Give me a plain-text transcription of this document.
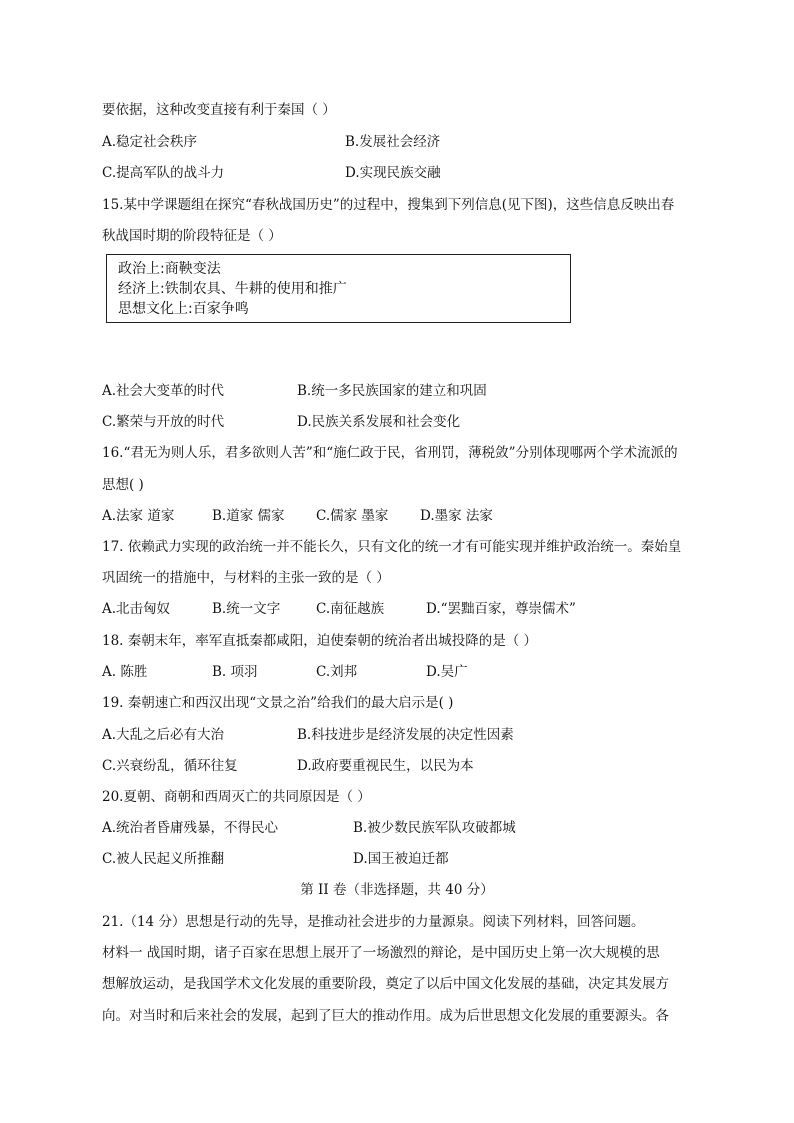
要依据，这种改变直接有利于秦国（ ）
A.稳定社会秩序	B.发展社会经济
C.提高军队的战斗力	D.实现民族交融
15.某中学课题组在探究“春秋战国历史”的过程中，搜集到下列信息(见下图)，这些信息反映出春
秋战国时期的阶段特征是（ ）
政治上:商鞅变法
经济上:铁制农具、牛耕的使用和推广
思想文化上:百家争鸣
A.社会大变革的时代	B.统一多民族国家的建立和巩固
C.繁荣与开放的时代	D.民族关系发展和社会变化
16.“君无为则人乐，君多欲则人苦”和“施仁政于民，省刑罚，薄税敛”分别体现哪两个学术流派的
思想( )
A.法家 道家	B.道家 儒家 C.儒家 墨家 D.墨家 法家
17. 依赖武力实现的政治统一并不能长久，只有文化的统一才有可能实现并维护政治统一。秦始皇
巩固统一的措施中，与材料的主张一致的是（ ）
A.北击匈奴	B.统一文字	C.南征越族	D.“罢黜百家，尊崇儒术”
18. 秦朝末年，率军直抵秦都咸阳，迫使秦朝的统治者出城投降的是（ ）
A. 陈胜	B. 项羽	C.刘邦	D.吴广
19. 秦朝速亡和西汉出现“文景之治”给我们的最大启示是( )
A.大乱之后必有大治	B.科技进步是经济发展的决定性因素
C.兴衰纷乱，循环往复	D.政府要重视民生，以民为本
20.夏朝、商朝和西周灭亡的共同原因是（ ）
A.统治者昏庸残暴，不得民心	B.被少数民族军队攻破都城
C.被人民起义所推翻	D.国王被迫迁都
第 II 卷（非选择题，共 40 分）
21.（14 分）思想是行动的先导，是推动社会进步的力量源泉。阅读下列材料，回答问题。
材料一 战国时期，诸子百家在思想上展开了一场激烈的辩论，是中国历史上第一次大规模的思
想解放运动，是我国学术文化发展的重要阶段，奠定了以后中国文化发展的基础，决定其发展方
向。对当时和后来社会的发展，起到了巨大的推动作用。成为后世思想文化发展的重要源头。各
